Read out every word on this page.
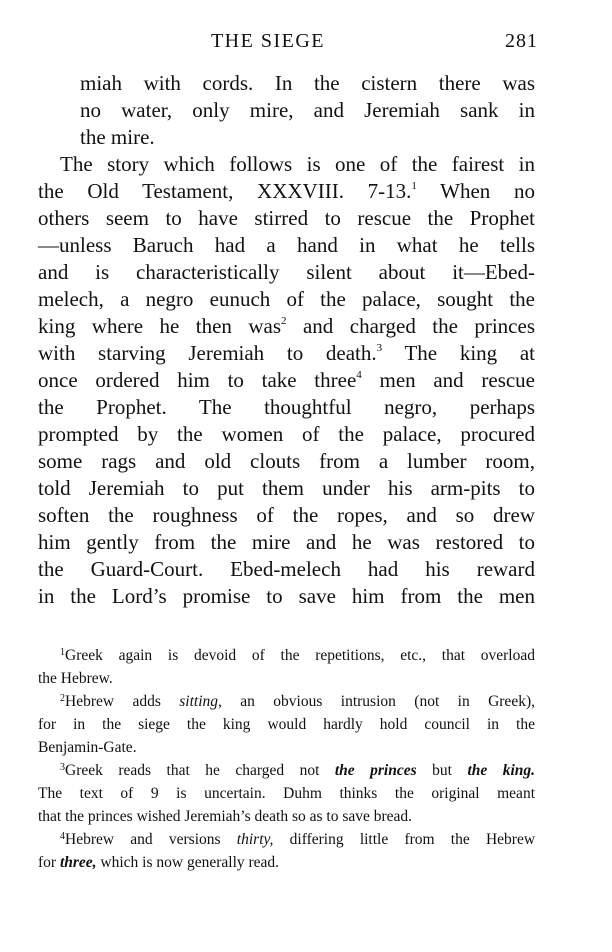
THE SIEGE	281
miah with cords. In the cistern there was
no water, only mire, and Jeremiah sank in
the mire.
The story which follows is one of the fairest in
the Old Testament, XXXVIII. 7-13.$^1$ When no
others seem to have stirred to rescue the Prophet
—unless Baruch had a hand in what he tells
and is characteristically silent about it—Ebed-
melech, a negro eunuch of the palace, sought the
king where he then was$^2$ and charged the princes
with starving Jeremiah to death.$^3$ The king at
once ordered him to take three$^4$ men and rescue
the Prophet. The thoughtful negro, perhaps
prompted by the women of the palace, procured
some rags and old clouts from a lumber room,
told Jeremiah to put them under his arm-pits to
soften the roughness of the ropes, and so drew
him gently from the mire and he was restored to
the Guard-Court. Ebed-melech had his reward
in the Lord’s promise to save him from the men
$^1$Greek again is devoid of the repetitions, etc., that overload
the Hebrew.
$^2$Hebrew adds sitting, an obvious intrusion (not in Greek),
for in the siege the king would hardly hold council in the
Benjamin-Gate.
$^3$Greek reads that he charged not the princes but the king.
The text of 9 is uncertain. Duhm thinks the original meant
that the princes wished Jeremiah’s death so as to save bread.
$^4$Hebrew and versions thirty, differing little from the Hebrew
for three, which is now generally read.
